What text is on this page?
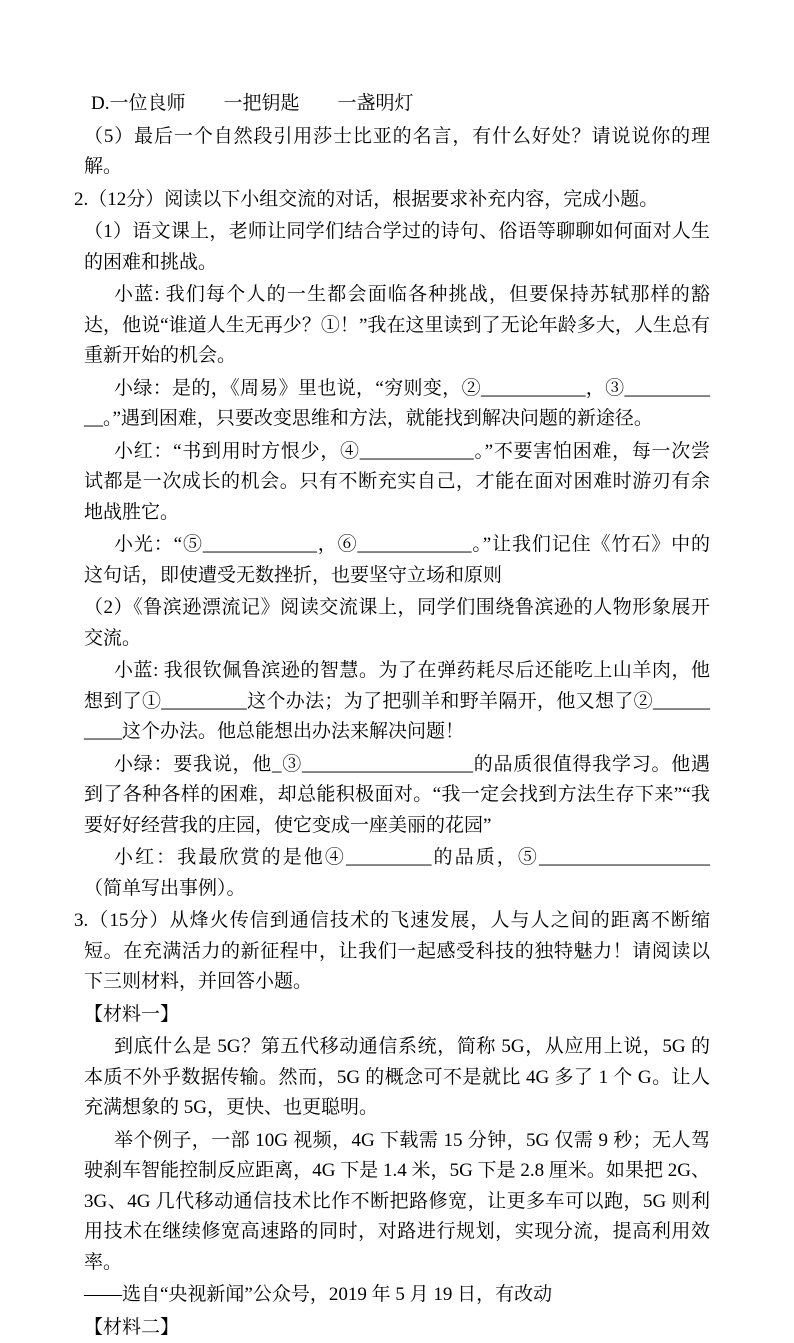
D.一位良师　　一把钥匙　　一盏明灯

（5）最后一个自然段引用莎士比亚的名言，有什么好处？请说说你的理解。

2.（12分）阅读以下小组交流的对话，根据要求补充内容，完成小题。

（1）语文课上，老师让同学们结合学过的诗句、俗语等聊聊如何面对人生的困难和挑战。

小蓝: 我们每个人的一生都会面临各种挑战，但要保持苏轼那样的豁达，他说“谁道人生无再少？①！”我在这里读到了无论年龄多大，人生总有重新开始的机会。

小绿：是的，《周易》里也说，“穷则变，②___________，③___________。”遇到困难，只要改变思维和方法，就能找到解决问题的新途径。

小红：“书到用时方恨少，④____________。”不要害怕困难，每一次尝试都是一次成长的机会。只有不断充实自己，才能在面对困难时游刃有余地战胜它。

小光：“⑤____________，⑥____________。”让我们记住《竹石》中的这句话，即使遭受无数挫折，也要坚守立场和原则

（2）《鲁滨逊漂流记》阅读交流课上，同学们围绕鲁滨逊的人物形象展开交流。

小蓝: 我很钦佩鲁滨逊的智慧。为了在弹药耗尽后还能吃上山羊肉，他想到了①_________这个办法；为了把驯羊和野羊隔开，他又想了②__________这个办法。他总能想出办法来解决问题！

小绿：要我说，他_③__________________的品质很值得我学习。他遇到了各种各样的困难，却总能积极面对。“我一定会找到方法生存下来”“我要好好经营我的庄园，使它变成一座美丽的花园”

小红：我最欣赏的是他④_________的品质，⑤__________________（简单写出事例）。

3.（15分）从烽火传信到通信技术的飞速发展，人与人之间的距离不断缩短。在充满活力的新征程中，让我们一起感受科技的独特魅力！请阅读以下三则材料，并回答小题。

【材料一】

到底什么是 5G？第五代移动通信系统，简称 5G，从应用上说，5G 的本质不外乎数据传输。然而，5G 的概念可不是就比 4G 多了 1 个 G。让人充满想象的 5G，更快、也更聪明。

举个例子，一部 10G 视频，4G 下载需 15 分钟，5G 仅需 9 秒；无人驾驶刹车智能控制反应距离，4G 下是 1.4 米，5G 下是 2.8 厘米。如果把 2G、3G、4G 几代移动通信技术比作不断把路修宽，让更多车可以跑，5G 则利用技术在继续修宽高速路的同时，对路进行规划，实现分流，提高利用效率。

——选自“央视新闻”公众号，2019 年 5 月 19 日，有改动

【材料二】
